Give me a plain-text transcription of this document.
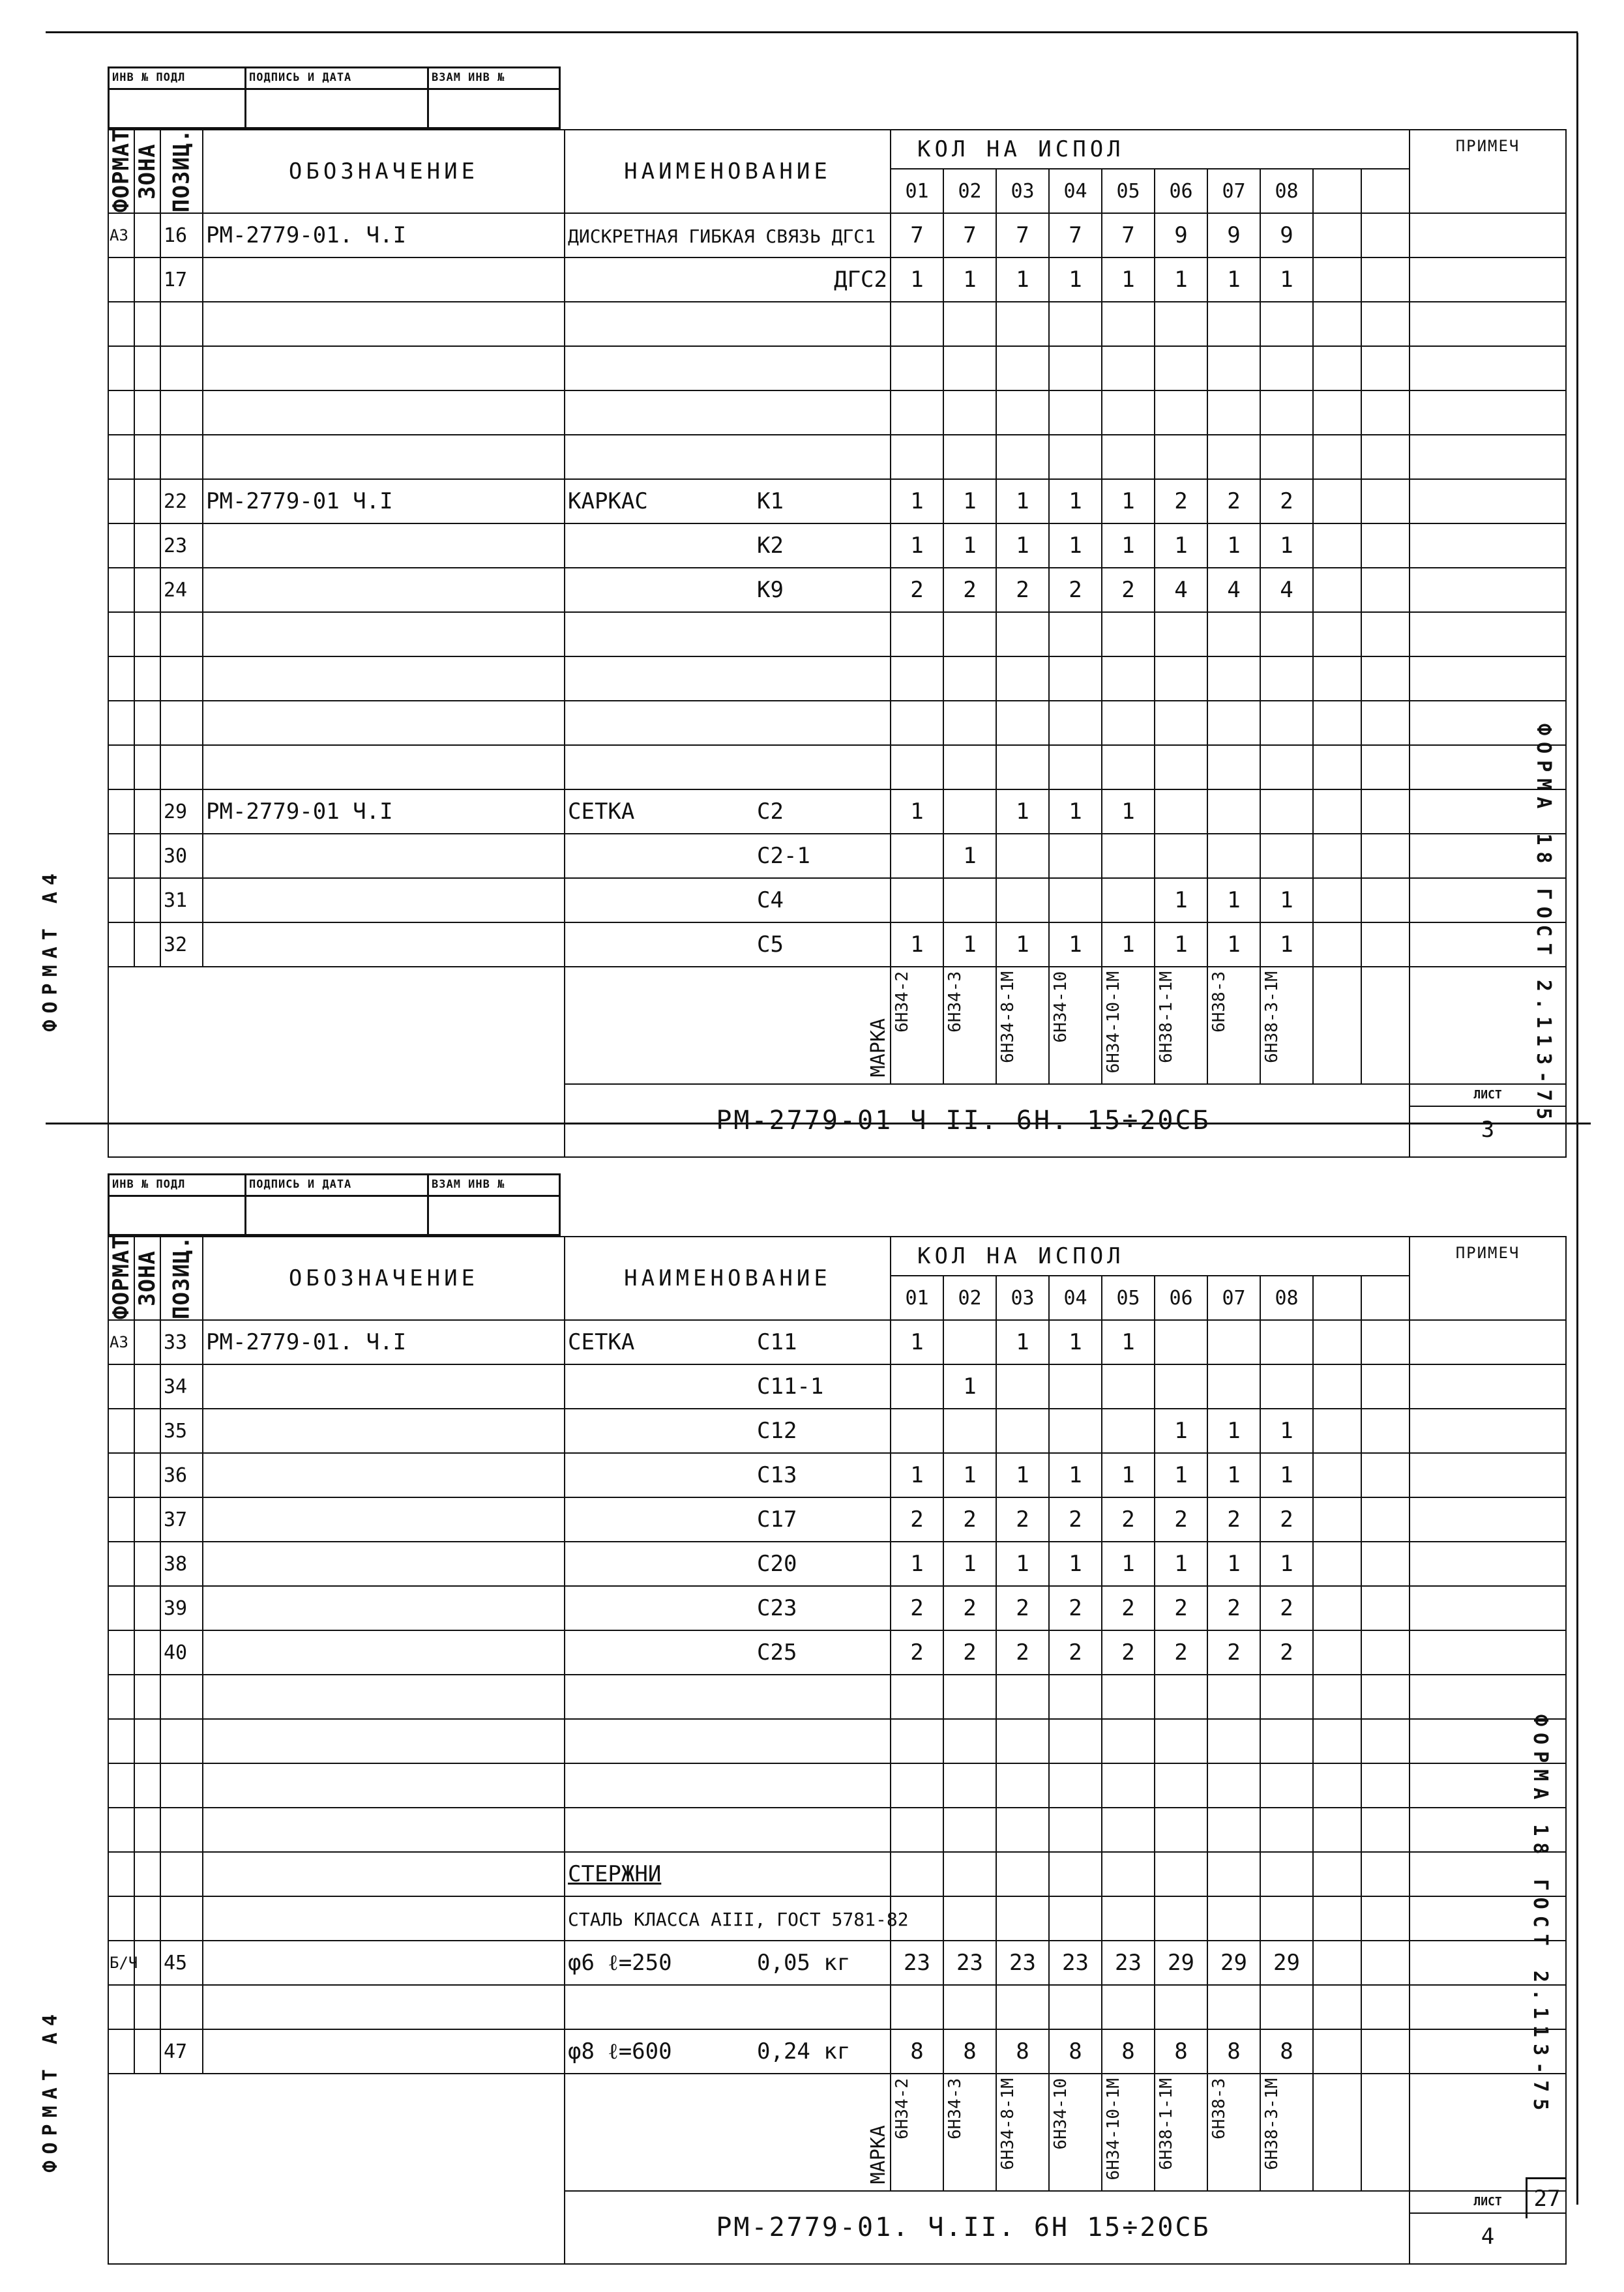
ФОРМАТ А4
ФОРМАТ А4
ФОРМА 18 ГОСТ 2.113-75
ФОРМА 18 ГОСТ 2.113-75
ИНВ № ПОДЛ	ПОДПИСЬ И ДАТА	ВЗАМ ИНВ №
ФОРМАТ	ЗОНА	ПОЗИЦ.	ОБОЗНАЧЕНИЕ	НАИМЕНОВАНИЕ	КОЛ НА ИСПОЛ										ПРИМЕЧ
					01	02	03	04	05	06	07	08			
А3		16	РМ-2779-01. Ч.I	ДИСКРЕТНАЯ ГИБКАЯ СВЯЗЬ ДГС1	7	7	7	7	7	9	9	9			
		17		ДГС2	1	1	1	1	1	1	1	1			

		22	РМ-2779-01 Ч.I	КАРКАС К1	1	1	1	1	1	2	2	2			
		23		К2	1	1	1	1	1	1	1	1			
		24		К9	2	2	2	2	2	4	4	4			

		29	РМ-2779-01 Ч.I	СЕТКА С2	1		1	1	1						
		30		С2-1		1									
		31		С4						1	1	1			
		32		С5	1	1	1	1	1	1	1	1			
				МАРКА	6Н34-2	6Н34-3	6Н34-8-1М	6Н34-10	6Н34-10-1М	6Н38-1-1М	6Н38-3	6Н38-3-1М			
				РМ-2779-01 Ч II. 6Н. 15÷20СБ											ЛИСТ
3
ИНВ № ПОДЛ	ПОДПИСЬ И ДАТА	ВЗАМ ИНВ №
ФОРМАТ	ЗОНА	ПОЗИЦ.	ОБОЗНАЧЕНИЕ	НАИМЕНОВАНИЕ	КОЛ НА ИСПОЛ										ПРИМЕЧ
					01	02	03	04	05	06	07	08			
А3		33	РМ-2779-01. Ч.I	СЕТКА С11	1		1	1	1						
		34		С11-1		1									
		35		С12						1	1	1			
		36		С13	1	1	1	1	1	1	1	1			
		37		С17	2	2	2	2	2	2	2	2			
		38		С20	1	1	1	1	1	1	1	1			
		39		С23	2	2	2	2	2	2	2	2			
		40		С25	2	2	2	2	2	2	2	2			

				СТЕРЖНИ											
				СТАЛЬ КЛАССА АIII, ГОСТ 5781-82											
Б/Ч		45		φ6 ℓ=250 0,05 кг	23	23	23	23	23	29	29	29			

		47		φ8 ℓ=600 0,24 кг	8	8	8	8	8	8	8	8			
				МАРКА	6Н34-2	6Н34-3	6Н34-8-1М	6Н34-10	6Н34-10-1М	6Н38-1-1М	6Н38-3	6Н38-3-1М			
				РМ-2779-01. Ч.II. 6Н 15÷20СБ											ЛИСТ
4
27
